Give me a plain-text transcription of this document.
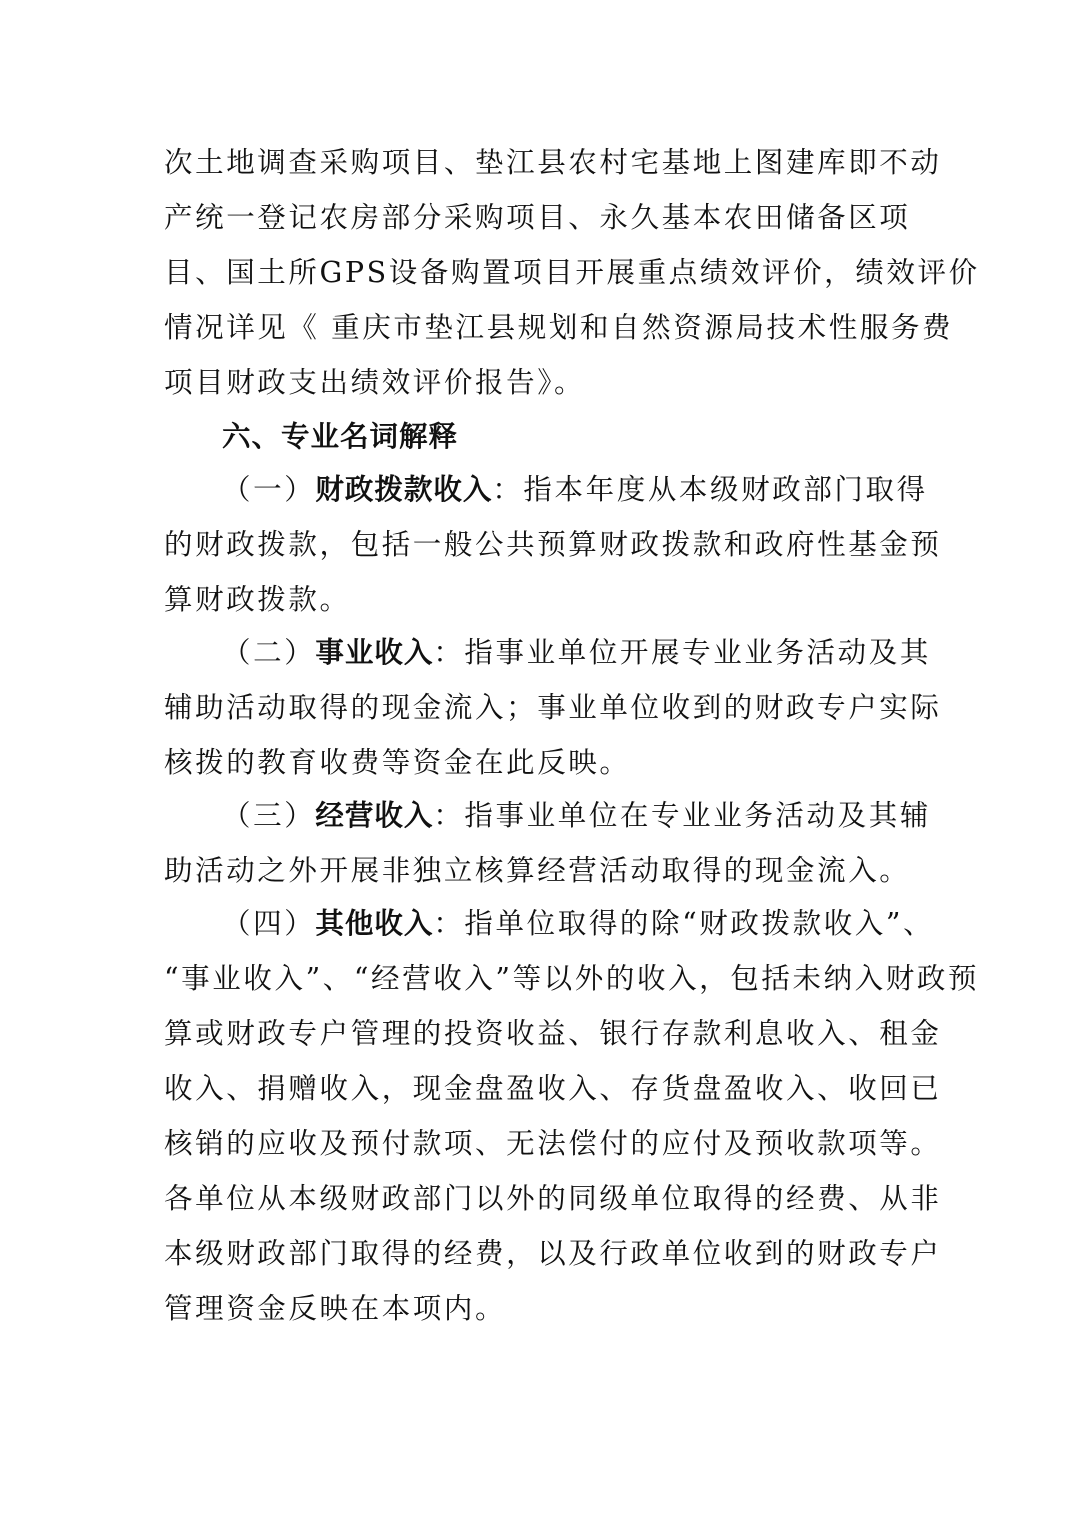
次土地调查采购项目、垫江县农村宅基地上图建库即不动
产统一登记农房部分采购项目、永久基本农田储备区项
目、国土所GPS设备购置项目开展重点绩效评价，绩效评价
情况详见《 重庆市垫江县规划和自然资源局技术性服务费
项目财政支出绩效评价报告》。
六、专业名词解释
（一）财政拨款收入：指本年度从本级财政部门取得
的财政拨款，包括一般公共预算财政拨款和政府性基金预
算财政拨款。
（二）事业收入：指事业单位开展专业业务活动及其
辅助活动取得的现金流入；事业单位收到的财政专户实际
核拨的教育收费等资金在此反映。
（三）经营收入：指事业单位在专业业务活动及其辅
助活动之外开展非独立核算经营活动取得的现金流入。
（四）其他收入：指单位取得的除“财政拨款收入”、
“事业收入”、“经营收入”等以外的收入，包括未纳入财政预
算或财政专户管理的投资收益、银行存款利息收入、租金
收入、捐赠收入，现金盘盈收入、存货盘盈收入、收回已
核销的应收及预付款项、无法偿付的应付及预收款项等。
各单位从本级财政部门以外的同级单位取得的经费、从非
本级财政部门取得的经费，以及行政单位收到的财政专户
管理资金反映在本项内。
